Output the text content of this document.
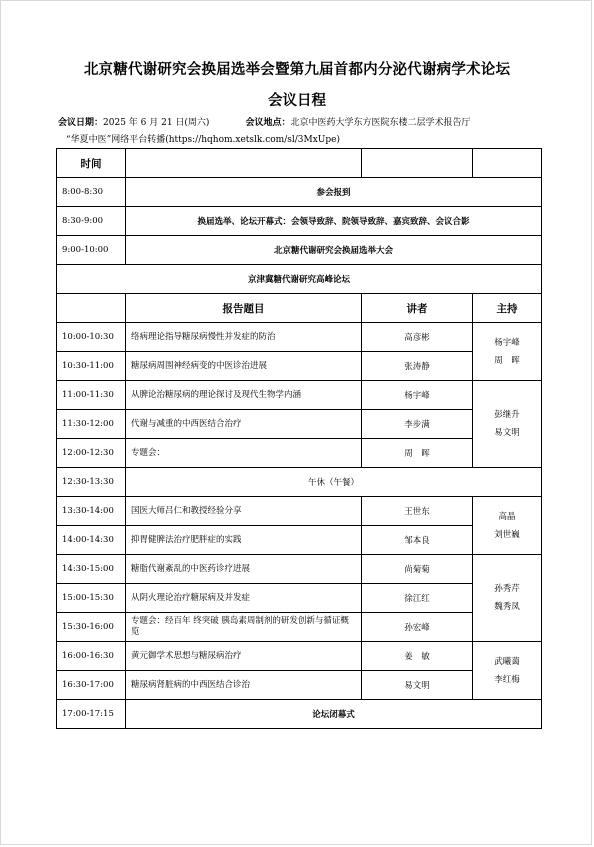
北京糖代谢研究会换届选举会暨第九届首都内分泌代谢病学术论坛
会议日程
会议日期：2025 年 6 月 21 日(周六)	会议地点：北京中医药大学东方医院东楼二层学术报告厅
“华夏中医”网络平台转播(https://hqhom.xetslk.com/sl/3MxUpe)
时间			
8:00-8:30	参会报到		
8:30-9:00	换届选举、论坛开幕式：会领导致辞、院领导致辞、嘉宾致辞、会议合影		
9:00-10:00	北京糖代谢研究会换届选举大会		
京津冀糖代谢研究高峰论坛			
	报告题目	讲者	主持
10:00-10:30	络病理论指导糖尿病慢性并发症的防治	高彦彬	杨宇峰
周　晖

10:30-11:00	糖尿病周围神经病变的中医诊治进展	张涛静	
11:00-11:30	从脾论治糖尿病的理论探讨及现代生物学内涵	杨宇峰	彭继升
易文明

11:30-12:00	代谢与减重的中西医结合治疗	李步满	
12:00-12:30	专题会：	周　晖	
12:30-13:30	午休（午餐）		
13:30-14:00	国医大师吕仁和教授经验分享	王世东	高晶
刘世巍

14:00-14:30	抑胃健脾法治疗肥胖症的实践	邹本良	
14:30-15:00	糖脂代谢紊乱的中医药诊疗进展	尚菊菊	孙秀芹
魏秀凤

15:00-15:30	从阴火理论治疗糖尿病及并发症	徐江红	
15:30-16:00	专题会：经百年 终突破 胰岛素周制剂的研发创新与循证概览	孙宏峰	
16:00-16:30	黄元御学术思想与糖尿病治疗	姜　敏	武曦蔼
李红梅

16:30-17:00	糖尿病肾脏病的中西医结合诊治	易文明	
17:00-17:15	论坛闭幕式		
